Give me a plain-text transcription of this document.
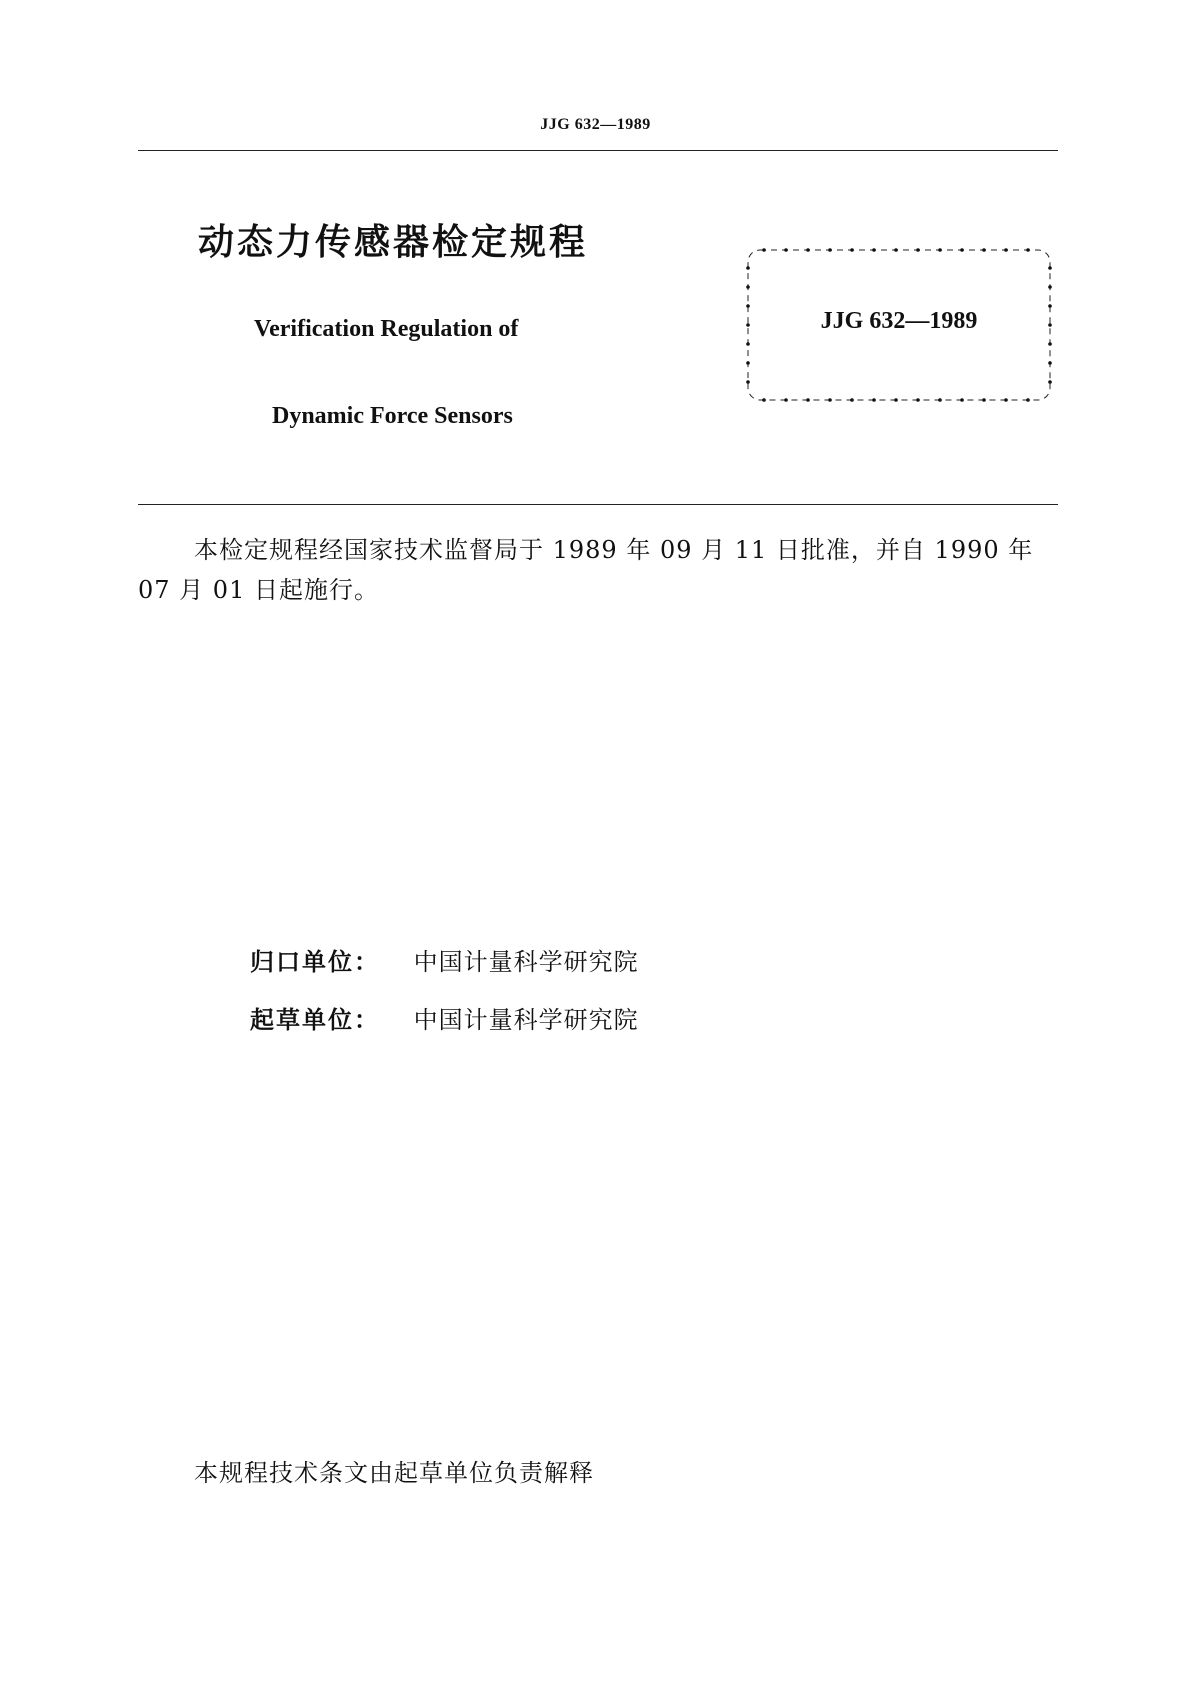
JJG 632—1989
动态力传感器检定规程
Verification Regulation of
Dynamic Force Sensors
JJG 632—1989
本检定规程经国家技术监督局于 1989 年 09 月 11 日批准，并自 1990 年 07 月 01 日起施行。
归口单位： 中国计量科学研究院
起草单位： 中国计量科学研究院
本规程技术条文由起草单位负责解释
